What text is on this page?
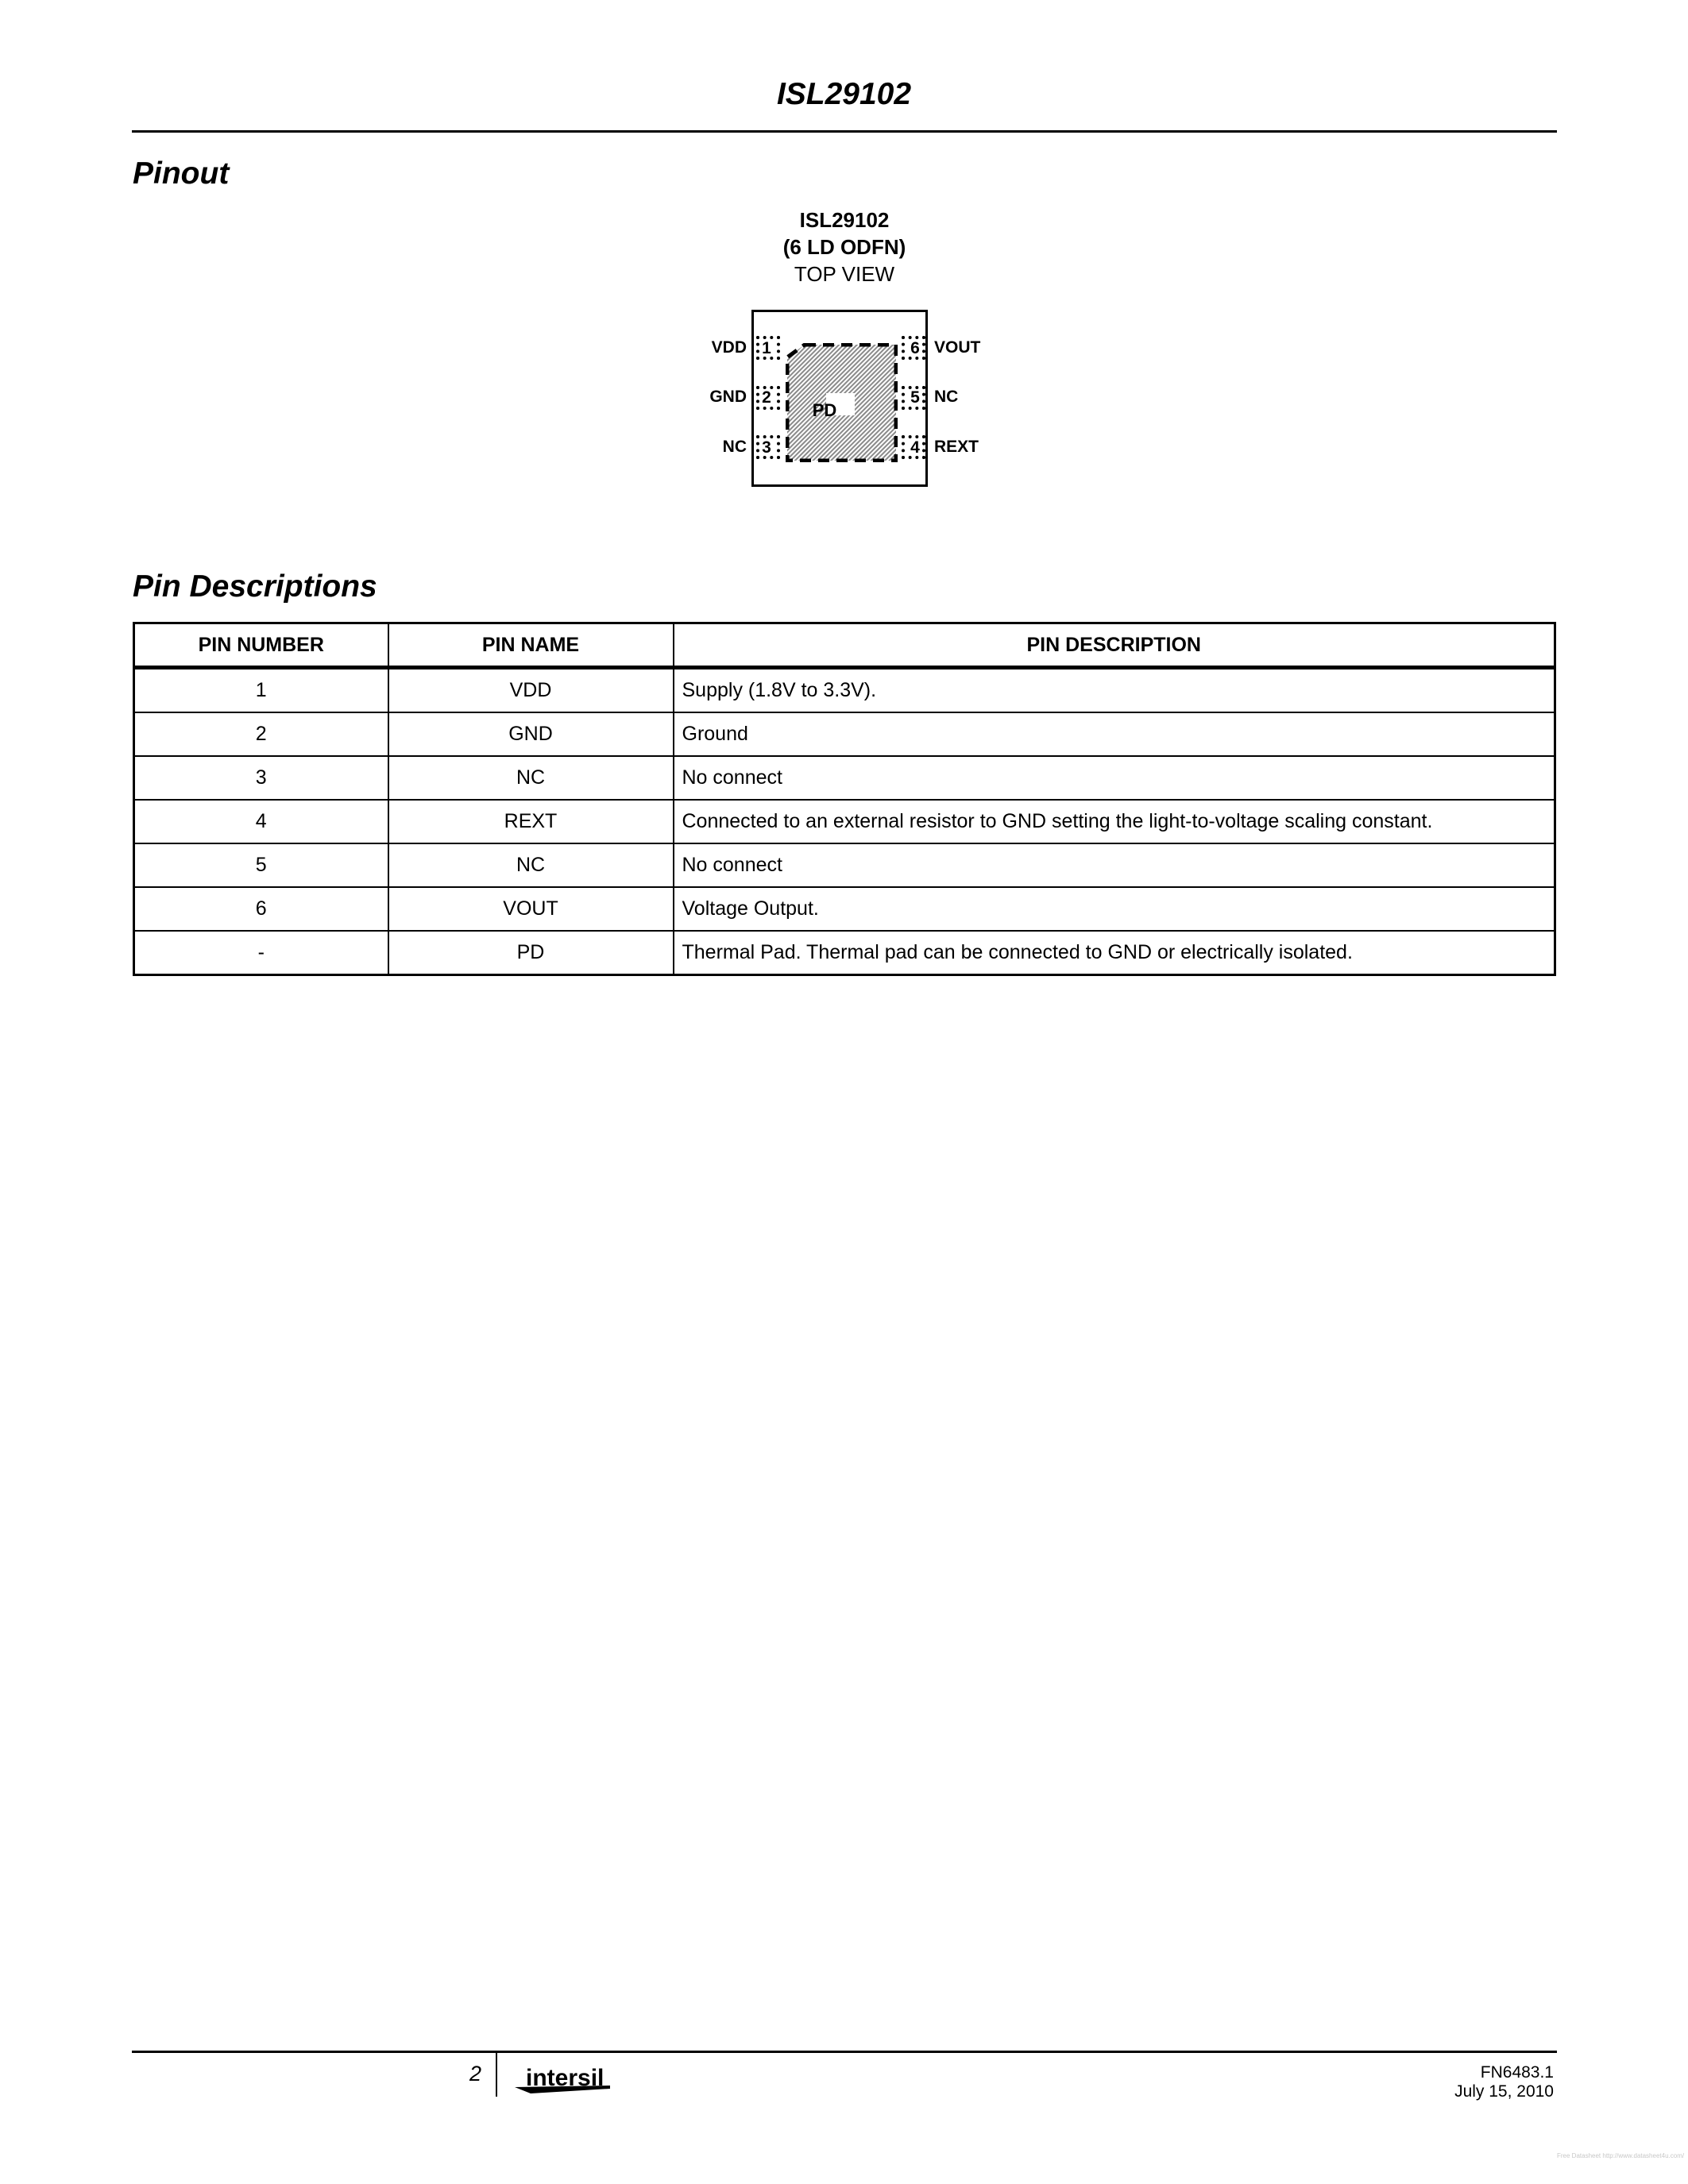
ISL29102
Pinout
ISL29102
(6 LD ODFN)
TOP VIEW
VDD
GND
NC
VOUT
NC
REXT
PD
1
2
3
6
5
4
Pin Descriptions
PIN NUMBER	PIN NAME	PIN DESCRIPTION
1	VDD	Supply (1.8V to 3.3V).
2	GND	Ground
3	NC	No connect
4	REXT	Connected to an external resistor to GND setting the light-to-voltage scaling constant.
5	NC	No connect
6	VOUT	Voltage Output.
-	PD	Thermal Pad. Thermal pad can be connected to GND or electrically isolated.
2 intersil	FN6483.1
July 15, 2010
Free Datasheet http://www.datasheet4u.com/
